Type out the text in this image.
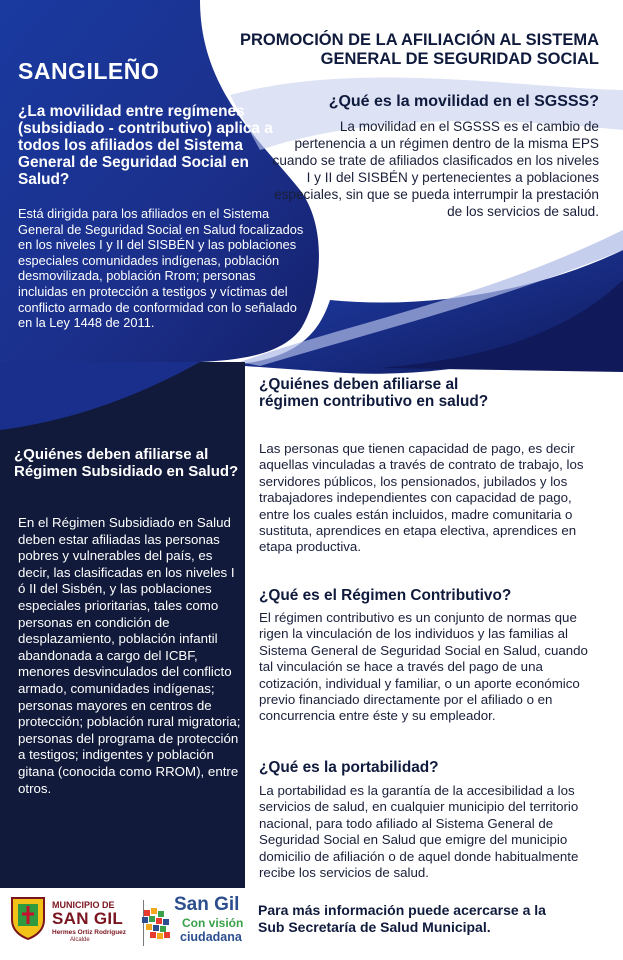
SANGILEÑO
PROMOCIÓN DE LA AFILIACIÓN AL SISTEMA
GENERAL DE SEGURIDAD SOCIAL
¿Qué es la movilidad en el SGSSS?
La movilidad en el SGSSS es el cambio de pertenencia a un régimen dentro de la misma EPS cuando se trate de afiliados clasificados en los niveles I y II del SISBÉN y pertenecientes a poblaciones especiales, sin que se pueda interrumpir la prestación de los servicios de salud.
¿La movilidad entre regímenes (subsidiado - contributivo) aplica a todos los afiliados del Sistema General de Seguridad Social en Salud?
Está dirigida para los afiliados en el Sistema General de Seguridad Social en Salud focalizados en los niveles I y II del SISBÉN y las poblaciones especiales comunidades indígenas, población desmovilizada, población Rrom; personas incluidas en protección a testigos y víctimas del conflicto armado de conformidad con lo señalado en la Ley 1448 de 2011.
¿Quiénes deben afiliarse al Régimen Subsidiado en Salud?
En el Régimen Subsidiado en Salud deben estar afiliadas las personas pobres y vulnerables del país, es decir, las clasificadas en los niveles I ó II del Sisbén, y las poblaciones especiales prioritarias, tales como personas en condición de desplazamiento, población infantil abandonada a cargo del ICBF, menores desvinculados del conflicto armado, comunidades indígenas; personas mayores en centros de protección; población rural migratoria; personas del programa de protección a testigos; indigentes y población gitana (conocida como RROM), entre otros.
¿Quiénes deben afiliarse al régimen contributivo en salud?
Las personas que tienen capacidad de pago, es decir aquellas vinculadas a través de contrato de trabajo, los servidores públicos, los pensionados, jubilados y los trabajadores independientes con capacidad de pago, entre los cuales están incluidos, madre comunitaria o sustituta, aprendices en etapa electiva, aprendices en etapa productiva.
¿Qué es el Régimen Contributivo?
El régimen contributivo es un conjunto de normas que rigen la vinculación de los individuos y las familias al Sistema General de Seguridad Social en Salud, cuando tal vinculación se hace a través del pago de una cotización, individual y familiar, o un aporte económico previo financiado directamente por el afiliado o en concurrencia entre éste y su empleador.
¿Qué es la portabilidad?
La portabilidad es la garantía de la accesibilidad a los servicios de salud, en cualquier municipio del territorio nacional, para todo afiliado al Sistema General de Seguridad Social en Salud que emigre del municipio domicilio de afiliación o de aquel donde habitualmente recibe los servicios de salud.
MUNICIPIO DE
SAN GIL
Hermes Ortiz Rodríguez
Alcalde
San Gil
Con visión
ciudadana
Para más información puede acercarse a la
Sub Secretaría de Salud Municipal.
